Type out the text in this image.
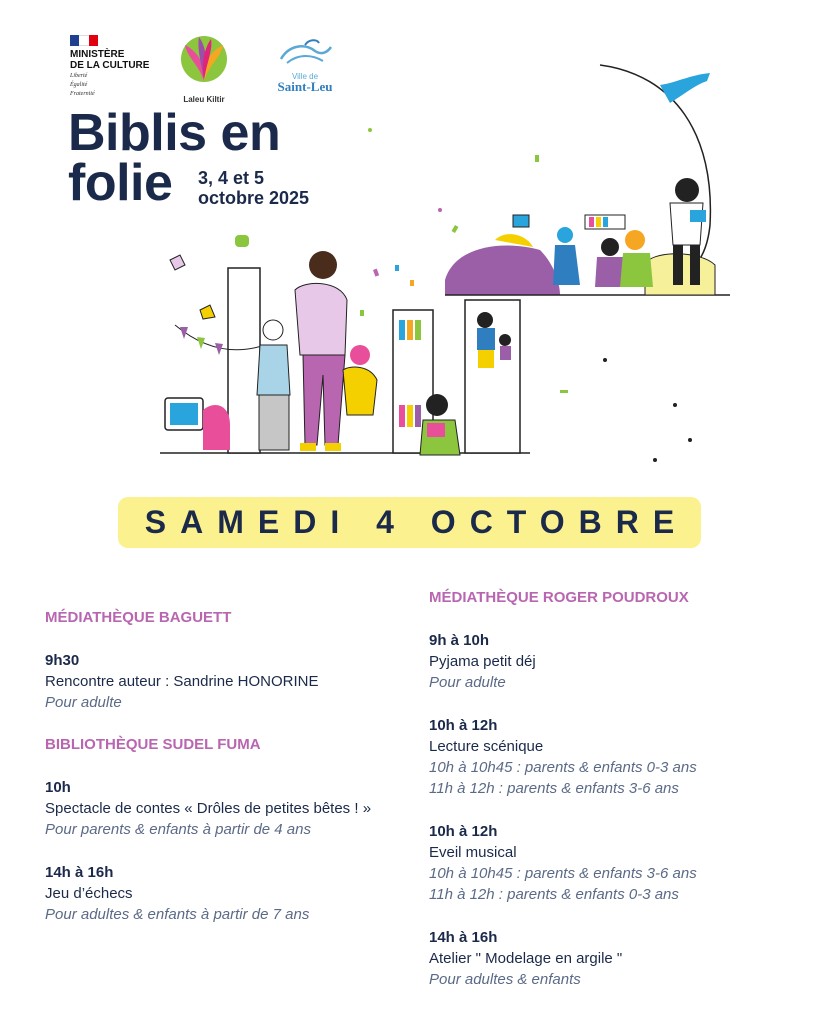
MINISTÈRE
DE LA CULTURE
Liberté
Égalité
Fraternité
Laleu Kiltir
Ville de
Saint-Leu
Biblis en
folie	3, 4 et 5
octobre 2025
SAMEDI 4 OCTOBRE
MÉDIATHÈQUE BAGUETT
9h30
Rencontre auteur : Sandrine HONORINE
Pour adulte
BIBLIOTHÈQUE SUDEL FUMA
10h
Spectacle de contes « Drôles de petites bêtes ! »
Pour parents & enfants à partir de 4 ans
14h à 16h
Jeu d’échecs
Pour adultes & enfants à partir de 7 ans
MÉDIATHÈQUE ROGER POUDROUX
9h à 10h
Pyjama petit déj
Pour adulte
10h à 12h
Lecture scénique
10h à 10h45 : parents & enfants 0-3 ans
11h à 12h : parents & enfants 3-6 ans
10h à 12h
Eveil musical
10h à 10h45 : parents & enfants 3-6 ans
11h à 12h : parents & enfants 0-3 ans
14h à 16h
Atelier " Modelage en argile "
Pour adultes & enfants
